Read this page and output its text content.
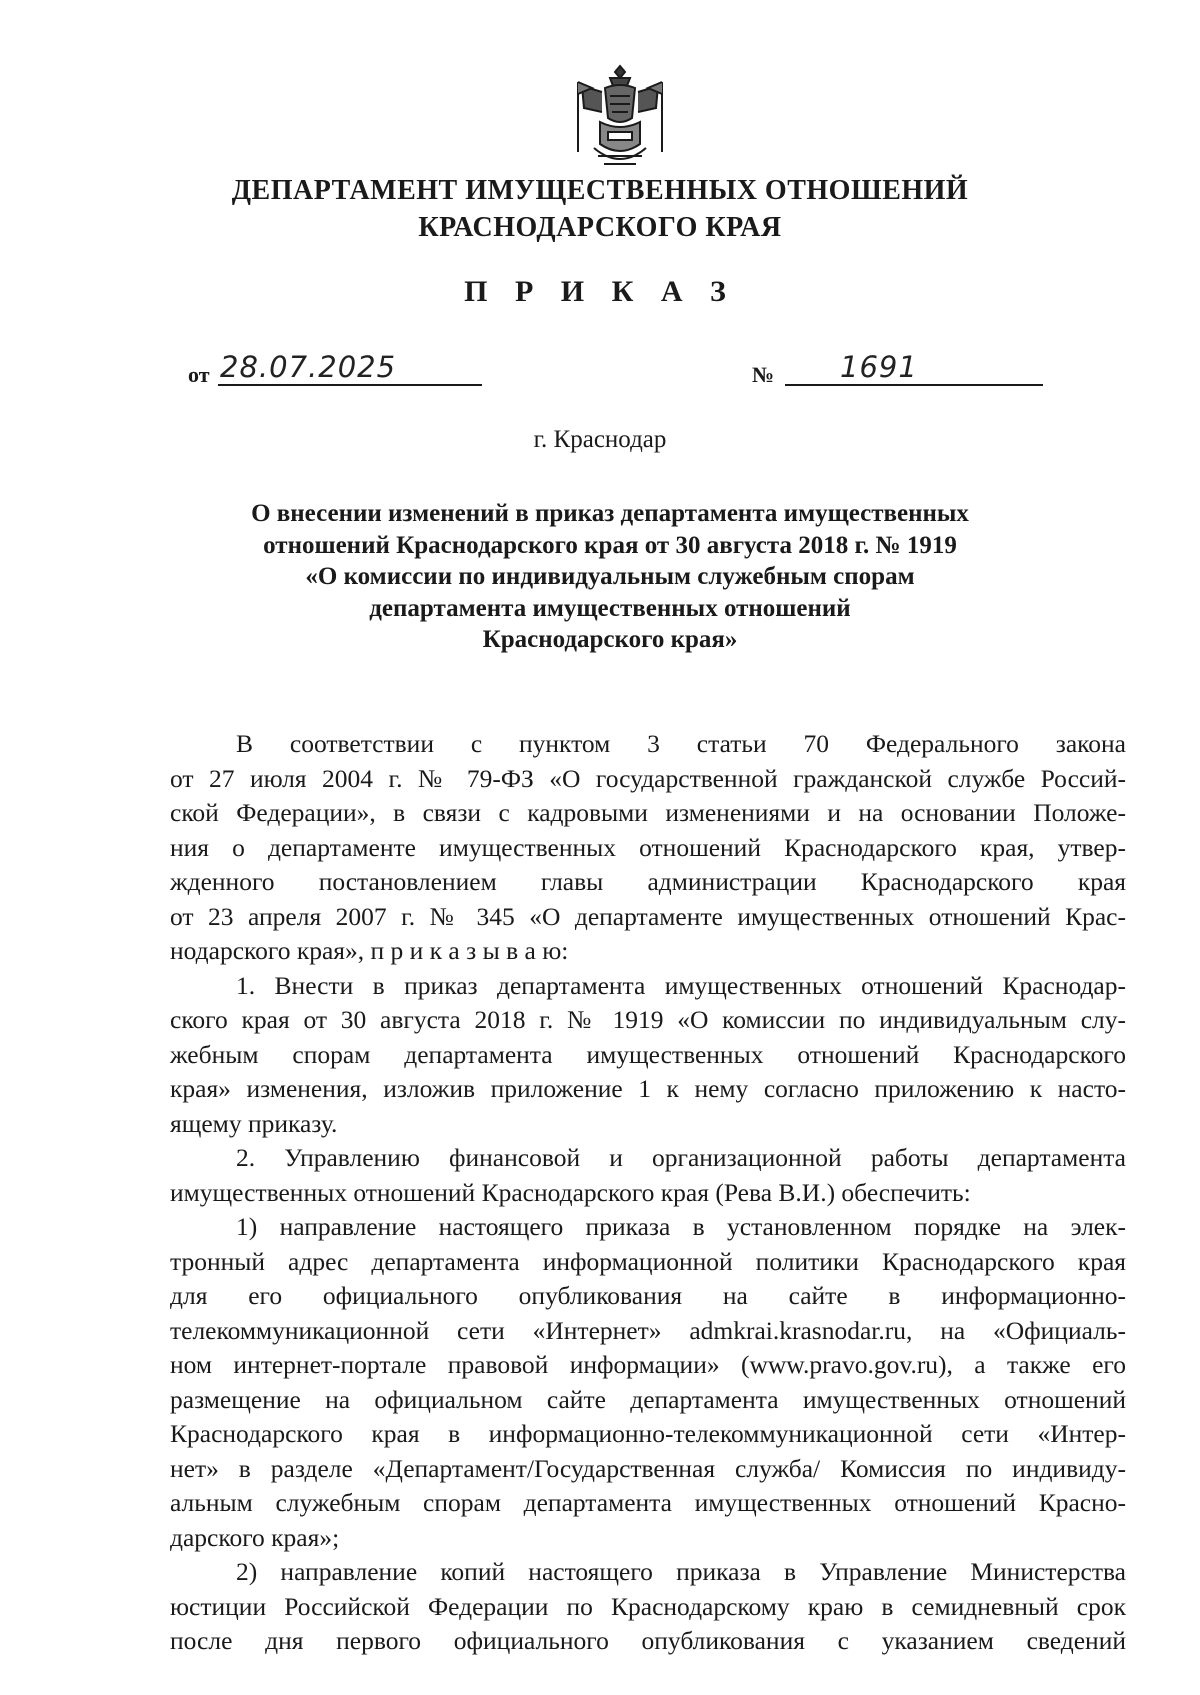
ДЕПАРТАМЕНТ ИМУЩЕСТВЕННЫХ ОТНОШЕНИЙ
КРАСНОДАРСКОГО КРАЯ
П Р И К А З
от 28.07.2025	№ 1691
г. Краснодар
О внесении изменений в приказ департамента имущественных
отношений Краснодарского края от 30 августа 2018 г. № 1919
«О комиссии по индивидуальным служебным спорам
департамента имущественных отношений
Краснодарского края»
В соответствии с пунктом 3 статьи 70 Федерального закона
от 27 июля 2004 г. № 79-ФЗ «О государственной гражданской службе Россий-
ской Федерации», в связи с кадровыми изменениями и на основании Положе-
ния о департаменте имущественных отношений Краснодарского края, утвер-
жденного постановлением главы администрации Краснодарского края
от 23 апреля 2007 г. № 345 «О департаменте имущественных отношений Крас-
нодарского края», п р и к а з ы в а ю:
1. Внести в приказ департамента имущественных отношений Краснодар-
ского края от 30 августа 2018 г. № 1919 «О комиссии по индивидуальным слу-
жебным спорам департамента имущественных отношений Краснодарского
края» изменения, изложив приложение 1 к нему согласно приложению к насто-
ящему приказу.
2. Управлению финансовой и организационной работы департамента
имущественных отношений Краснодарского края (Рева В.И.) обеспечить:
1) направление настоящего приказа в установленном порядке на элек-
тронный адрес департамента информационной политики Краснодарского края
для его официального опубликования на сайте в информационно-
телекоммуникационной сети «Интернет» admkrai.krasnodar.ru, на «Официаль-
ном интернет-портале правовой информации» (www.pravo.gov.ru), а также его
размещение на официальном сайте департамента имущественных отношений
Краснодарского края в информационно-телекоммуникационной сети «Интер-
нет» в разделе «Департамент/Государственная служба/ Комиссия по индивиду-
альным служебным спорам департамента имущественных отношений Красно-
дарского края»;
2) направление копий настоящего приказа в Управление Министерства
юстиции Российской Федерации по Краснодарскому краю в семидневный срок
после дня первого официального опубликования с указанием сведений
